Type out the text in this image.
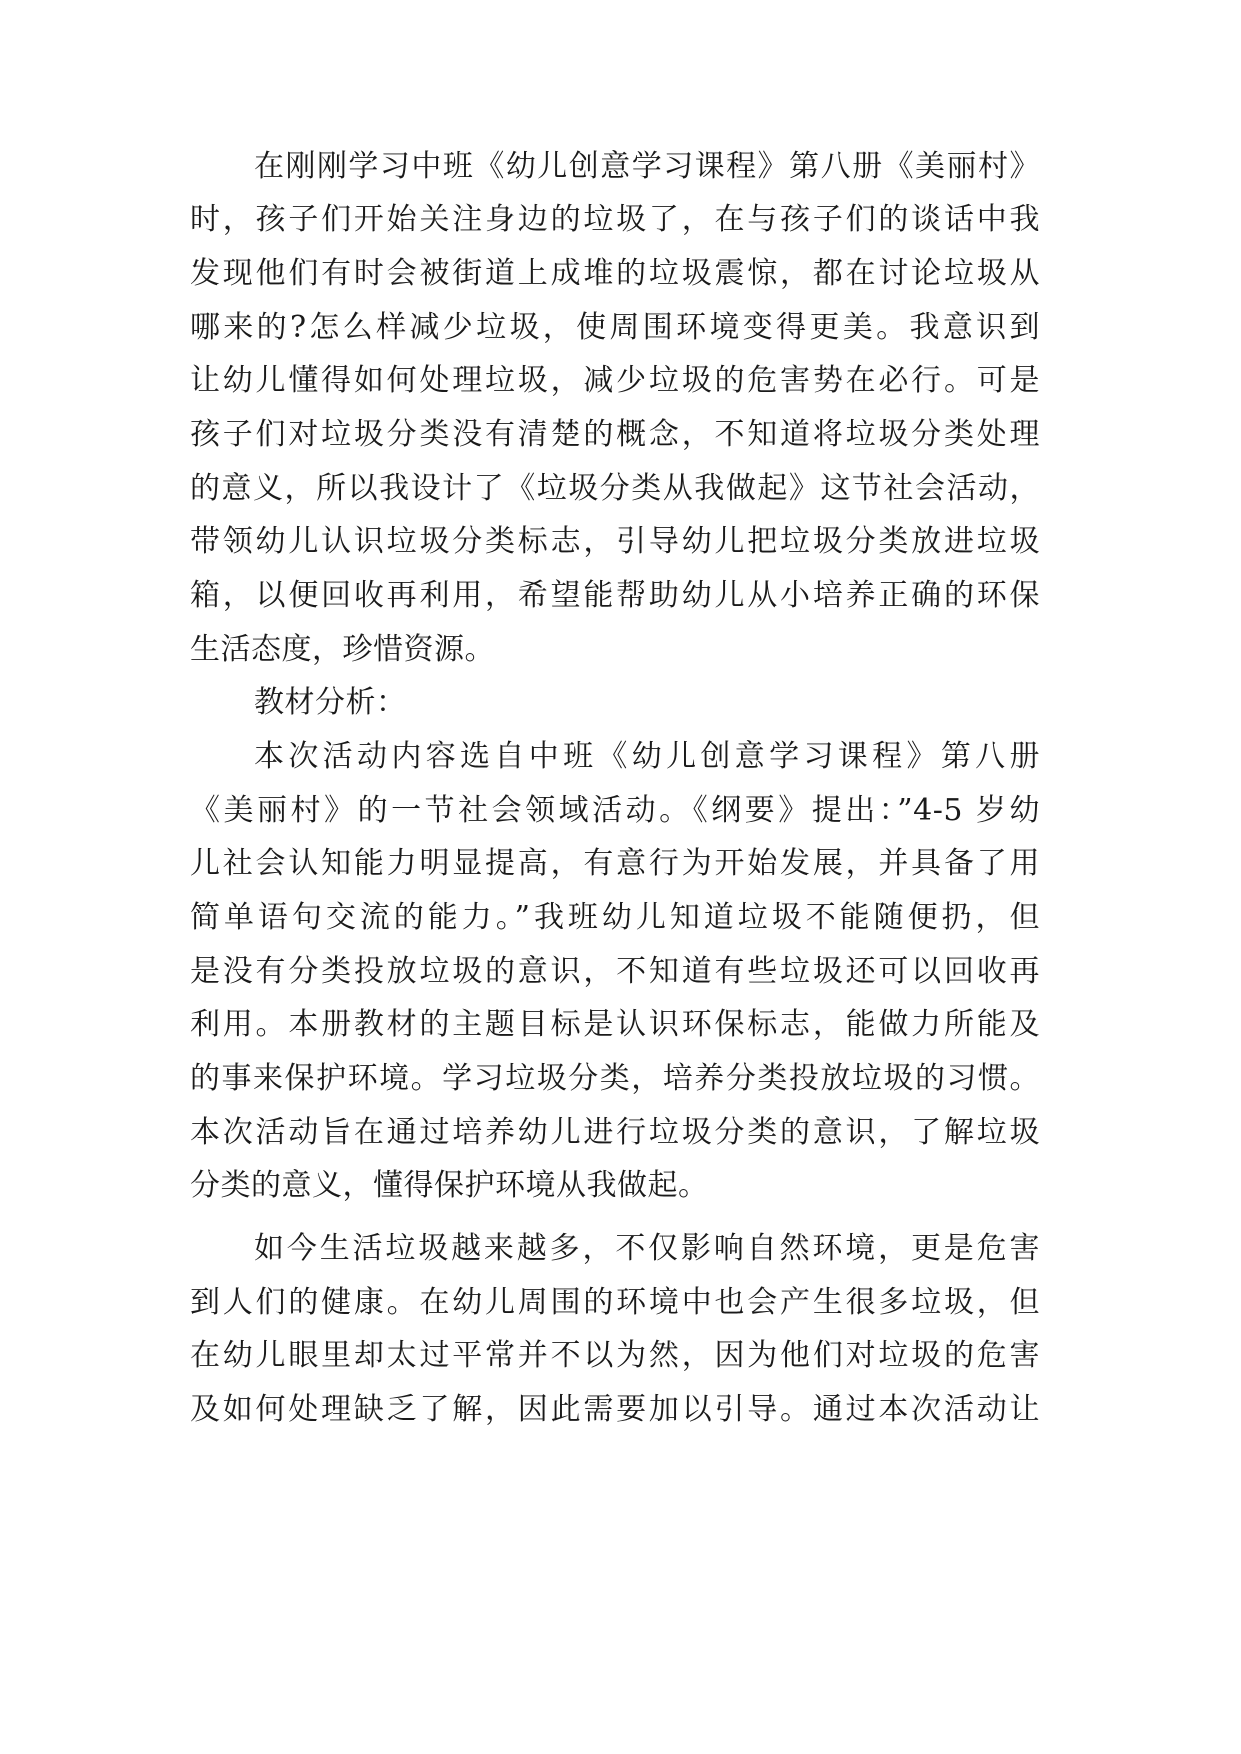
在刚刚学习中班《幼儿创意学习课程》第八册《美丽村》
时，孩子们开始关注身边的垃圾了，在与孩子们的谈话中我
发现他们有时会被街道上成堆的垃圾震惊，都在讨论垃圾从
哪来的?怎么样减少垃圾，使周围环境变得更美。我意识到
让幼儿懂得如何处理垃圾，减少垃圾的危害势在必行。可是
孩子们对垃圾分类没有清楚的概念，不知道将垃圾分类处理
的意义，所以我设计了《垃圾分类从我做起》这节社会活动，
带领幼儿认识垃圾分类标志，引导幼儿把垃圾分类放进垃圾
箱，以便回收再利用，希望能帮助幼儿从小培养正确的环保
生活态度，珍惜资源。
教材分析：
本次活动内容选自中班《幼儿创意学习课程》第八册
《美丽村》的一节社会领域活动。《纲要》提出：”4-5 岁幼
儿社会认知能力明显提高，有意行为开始发展，并具备了用
简单语句交流的能力。”我班幼儿知道垃圾不能随便扔，但
是没有分类投放垃圾的意识，不知道有些垃圾还可以回收再
利用。本册教材的主题目标是认识环保标志，能做力所能及
的事来保护环境。学习垃圾分类，培养分类投放垃圾的习惯。
本次活动旨在通过培养幼儿进行垃圾分类的意识，了解垃圾
分类的意义，懂得保护环境从我做起。
如今生活垃圾越来越多，不仅影响自然环境，更是危害
到人们的健康。在幼儿周围的环境中也会产生很多垃圾，但
在幼儿眼里却太过平常并不以为然，因为他们对垃圾的危害
及如何处理缺乏了解，因此需要加以引导。通过本次活动让
